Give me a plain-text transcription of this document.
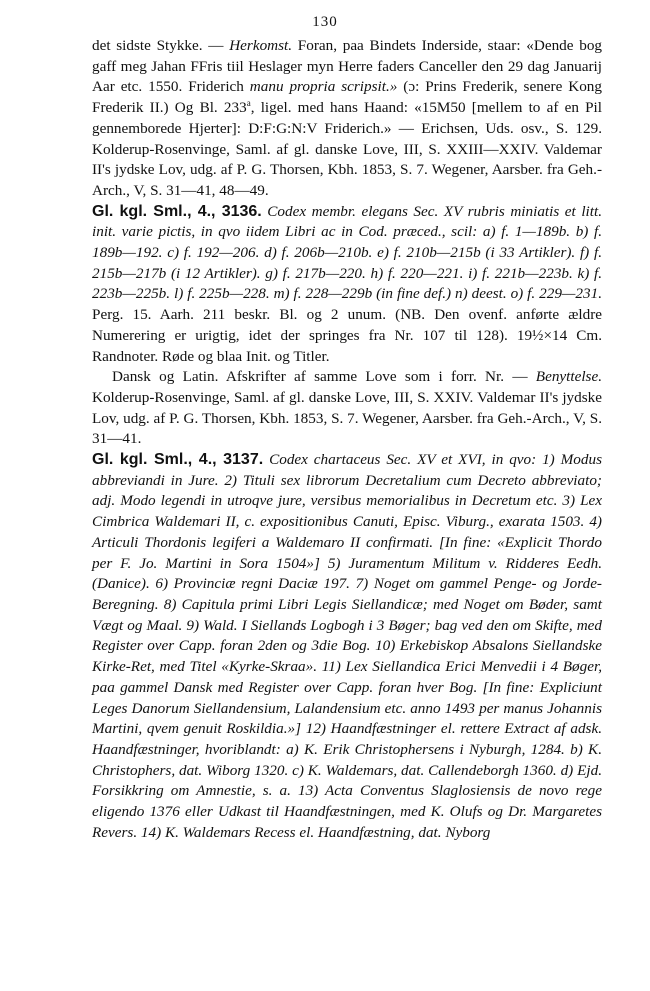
130

det sidste Stykke. — Herkomst. Foran, paa Bindets Inderside, staar: «Dende bog gaff meg Jahan FFris tiil Heslager myn Herre faders Canceller den 29 dag Januarij Aar etc. 1550. Friderich manu propria scripsit.» (ɔ: Prins Frederik, senere Kong Frederik II.) Og Bl. 233$^a$, ligel. med hans Haand: «15M50 [mellem to af en Pil gennemborede Hjerter]: D:F:G:N:V Friderich.» — Erichsen, Uds. osv., S. 129. Kolderup-Rosenvinge, Saml. af gl. danske Love, III, S. XXIII—XXIV. Valdemar II's jydske Lov, udg. af P. G. Thorsen, Kbh. 1853, S. 7. Wegener, Aarsber. fra Geh.-Arch., V, S. 31—41, 48—49.

Gl. kgl. Sml., 4., 3136. Codex membr. elegans Sec. XV rubris miniatis et litt. init. varie pictis, in qvo iidem Libri ac in Cod. præced., scil: a) f. 1—189b. b) f. 189b—192. c) f. 192—206. d) f. 206b—210b. e) f. 210b—215b (i 33 Artikler). f) f. 215b—217b (i 12 Artikler). g) f. 217b—220. h) f. 220—221. i) f. 221b—223b. k) f. 223b—225b. l) f. 225b—228. m) f. 228—229b (in fine def.) n) deest. o) f. 229—231. Perg. 15. Aarh. 211 beskr. Bl. og 2 unum. (NB. Den ovenf. anførte ældre Numerering er urigtig, idet der springes fra Nr. 107 til 128). 19½×14 Cm. Randnoter. Røde og blaa Init. og Titler.

Dansk og Latin. Afskrifter af samme Love som i forr. Nr. — Benyttelse. Kolderup-Rosenvinge, Saml. af gl. danske Love, III, S. XXIV. Valdemar II's jydske Lov, udg. af P. G. Thorsen, Kbh. 1853, S. 7. Wegener, Aarsber. fra Geh.-Arch., V, S. 31—41.

Gl. kgl. Sml., 4., 3137. Codex chartaceus Sec. XV et XVI, in qvo: 1) Modus abbreviandi in Jure. 2) Tituli sex librorum Decretalium cum Decreto abbreviato; adj. Modo legendi in utroqve jure, versibus memorialibus in Decretum etc. 3) Lex Cimbrica Waldemari II, c. expositionibus Canuti, Episc. Viburg., exarata 1503. 4) Articuli Thordonis legiferi a Waldemaro II confirmati. [In fine: «Explicit Thordo per F. Jo. Martini in Sora 1504»] 5) Juramentum Militum v. Ridderes Eedh. (Danice). 6) Provinciæ regni Daciæ 197. 7) Noget om gammel Penge- og Jorde-Beregning. 8) Capitula primi Libri Legis Siellandicæ; med Noget om Bøder, samt Vægt og Maal. 9) Wald. I Siellands Logbogh i 3 Bøger; bag ved den om Skifte, med Register over Capp. foran 2den og 3die Bog. 10) Erkebiskop Absalons Siellandske Kirke-Ret, med Titel «Kyrke-Skraa». 11) Lex Siellandica Erici Menvedii i 4 Bøger, paa gammel Dansk med Register over Capp. foran hver Bog. [In fine: Expliciunt Leges Danorum Siellandensium, Lalandensium etc. anno 1493 per manus Johannis Martini, qvem genuit Roskildia.»] 12) Haandfæstninger el. rettere Extract af adsk. Haandfæstninger, hvoriblandt: a) K. Erik Christophersens i Nyburgh, 1284. b) K. Christophers, dat. Wiborg 1320. c) K. Waldemars, dat. Callendeborgh 1360. d) Ejd. Forsikkring om Amnestie, s. a. 13) Acta Conventus Slaglosiensis de novo rege eligendo 1376 eller Udkast til Haandfæstningen, med K. Olufs og Dr. Margaretes Revers. 14) K. Waldemars Recess el. Haandfæstning, dat. Nyborg
